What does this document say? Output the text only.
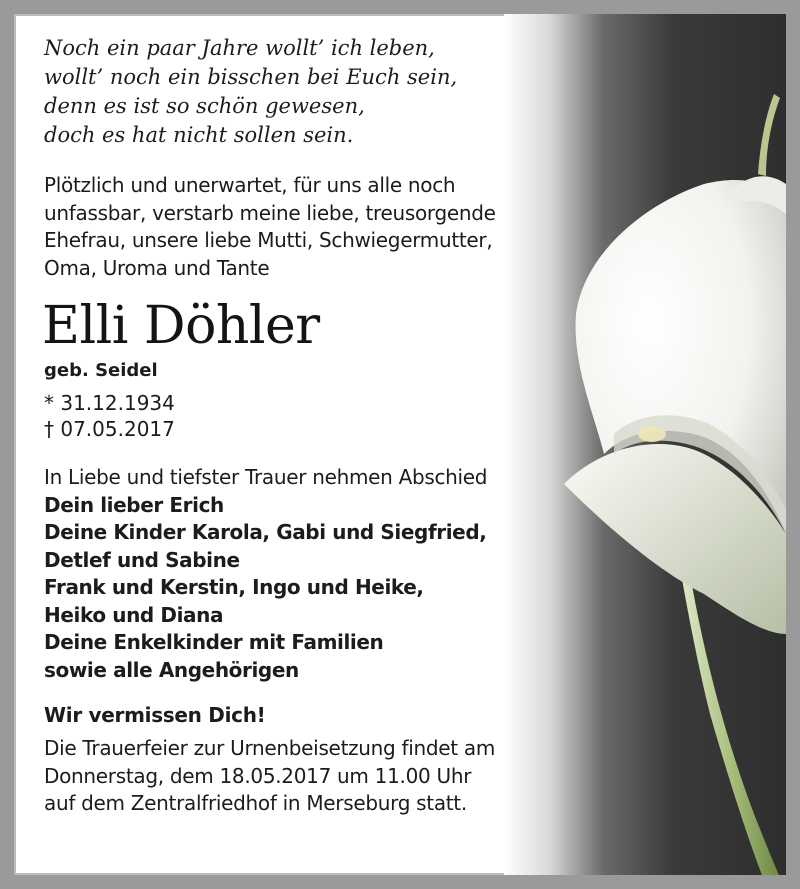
Noch ein paar Jahre wollt’ ich leben,
wollt’ noch ein bisschen bei Euch sein,
denn es ist so schön gewesen,
doch es hat nicht sollen sein.
Plötzlich und unerwartet, für uns alle noch
unfassbar, verstarb meine liebe, treusorgende
Ehefrau, unsere liebe Mutti, Schwiegermutter,
Oma, Uroma und Tante
Elli Döhler
geb. Seidel
* 31.12.1934
† 07.05.2017
In Liebe und tiefster Trauer nehmen Abschied
Dein lieber Erich
Deine Kinder Karola, Gabi und Siegfried,
Detlef und Sabine
Frank und Kerstin, Ingo und Heike,
Heiko und Diana
Deine Enkelkinder mit Familien
sowie alle Angehörigen
Wir vermissen Dich!
Die Trauerfeier zur Urnenbeisetzung findet am
Donnerstag, dem 18.05.2017 um 11.00 Uhr
auf dem Zentralfriedhof in Merseburg statt.
